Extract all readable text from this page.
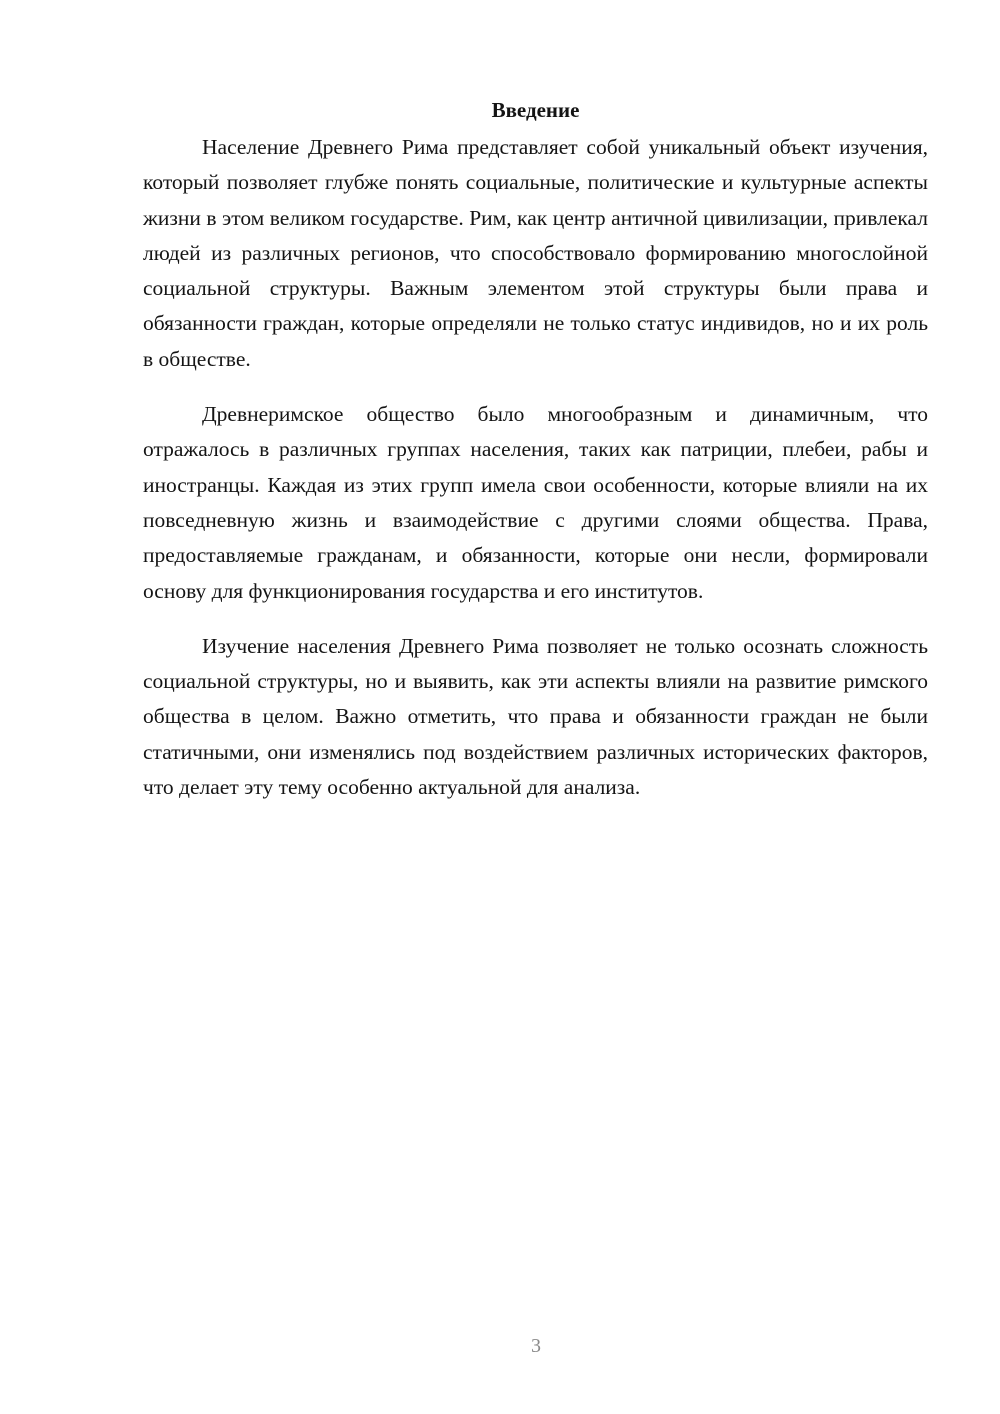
Введение

Население Древнего Рима представляет собой уникальный объект изучения, который позволяет глубже понять социальные, политические и культурные аспекты жизни в этом великом государстве. Рим, как центр античной цивилизации, привлекал людей из различных регионов, что способствовало формированию многослойной социальной структуры. Важным элементом этой структуры были права и обязанности граждан, которые определяли не только статус индивидов, но и их роль в обществе.

Древнеримское общество было многообразным и динамичным, что отражалось в различных группах населения, таких как патриции, плебеи, рабы и иностранцы. Каждая из этих групп имела свои особенности, которые влияли на их повседневную жизнь и взаимодействие с другими слоями общества. Права, предоставляемые гражданам, и обязанности, которые они несли, формировали основу для функционирования государства и его институтов.

Изучение населения Древнего Рима позволяет не только осознать сложность социальной структуры, но и выявить, как эти аспекты влияли на развитие римского общества в целом. Важно отметить, что права и обязанности граждан не были статичными, они изменялись под воздействием различных исторических факторов, что делает эту тему особенно актуальной для анализа.

3
